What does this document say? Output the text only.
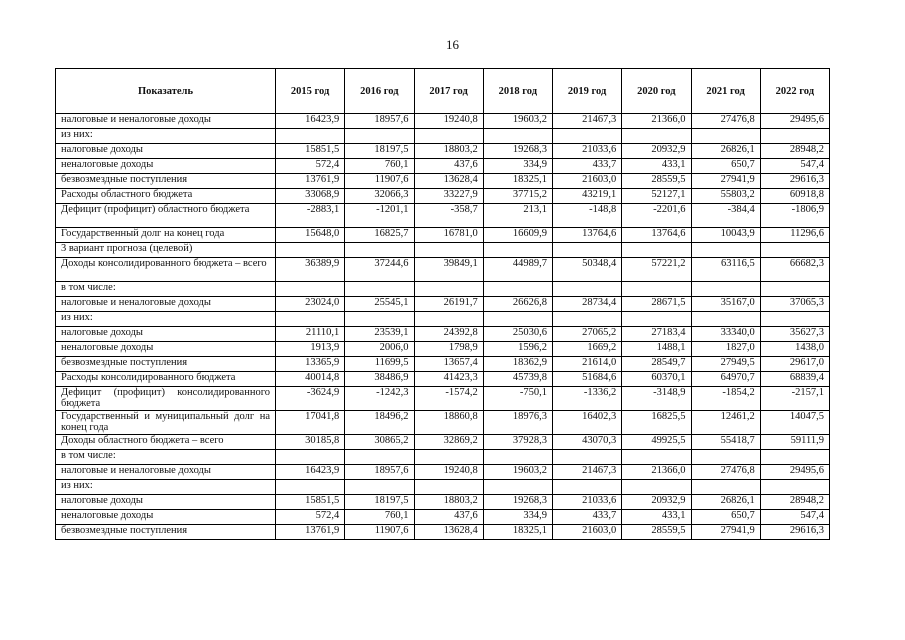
16
Показатель	2015 год	2016 год	2017 год	2018 год	2019 год	2020 год	2021 год	2022 год
налоговые и неналоговые доходы	16423,9	18957,6	19240,8	19603,2	21467,3	21366,0	27476,8	29495,6
из них:								
налоговые доходы	15851,5	18197,5	18803,2	19268,3	21033,6	20932,9	26826,1	28948,2
неналоговые доходы	572,4	760,1	437,6	334,9	433,7	433,1	650,7	547,4
безвозмездные поступления	13761,9	11907,6	13628,4	18325,1	21603,0	28559,5	27941,9	29616,3
Расходы областного бюджета	33068,9	32066,3	33227,9	37715,2	43219,1	52127,1	55803,2	60918,8
Дефицит (профицит) областного бюджета	-2883,1	-1201,1	-358,7	213,1	-148,8	-2201,6	-384,4	-1806,9
Государственный долг на конец года	15648,0	16825,7	16781,0	16609,9	13764,6	13764,6	10043,9	11296,6
3 вариант прогноза (целевой)								
Доходы консолидированного бюджета – всего	36389,9	37244,6	39849,1	44989,7	50348,4	57221,2	63116,5	66682,3
в том числе:								
налоговые и неналоговые доходы	23024,0	25545,1	26191,7	26626,8	28734,4	28671,5	35167,0	37065,3
из них:								
налоговые доходы	21110,1	23539,1	24392,8	25030,6	27065,2	27183,4	33340,0	35627,3
неналоговые доходы	1913,9	2006,0	1798,9	1596,2	1669,2	1488,1	1827,0	1438,0
безвозмездные поступления	13365,9	11699,5	13657,4	18362,9	21614,0	28549,7	27949,5	29617,0
Расходы консолидированного бюджета	40014,8	38486,9	41423,3	45739,8	51684,6	60370,1	64970,7	68839,4
Дефицит (профицит) консолидированного бюджета	-3624,9	-1242,3	-1574,2	-750,1	-1336,2	-3148,9	-1854,2	-2157,1
Государственный и муниципальный долг на конец года	17041,8	18496,2	18860,8	18976,3	16402,3	16825,5	12461,2	14047,5
Доходы областного бюджета – всего	30185,8	30865,2	32869,2	37928,3	43070,3	49925,5	55418,7	59111,9
в том числе:								
налоговые и неналоговые доходы	16423,9	18957,6	19240,8	19603,2	21467,3	21366,0	27476,8	29495,6
из них:								
налоговые доходы	15851,5	18197,5	18803,2	19268,3	21033,6	20932,9	26826,1	28948,2
неналоговые доходы	572,4	760,1	437,6	334,9	433,7	433,1	650,7	547,4
безвозмездные поступления	13761,9	11907,6	13628,4	18325,1	21603,0	28559,5	27941,9	29616,3
